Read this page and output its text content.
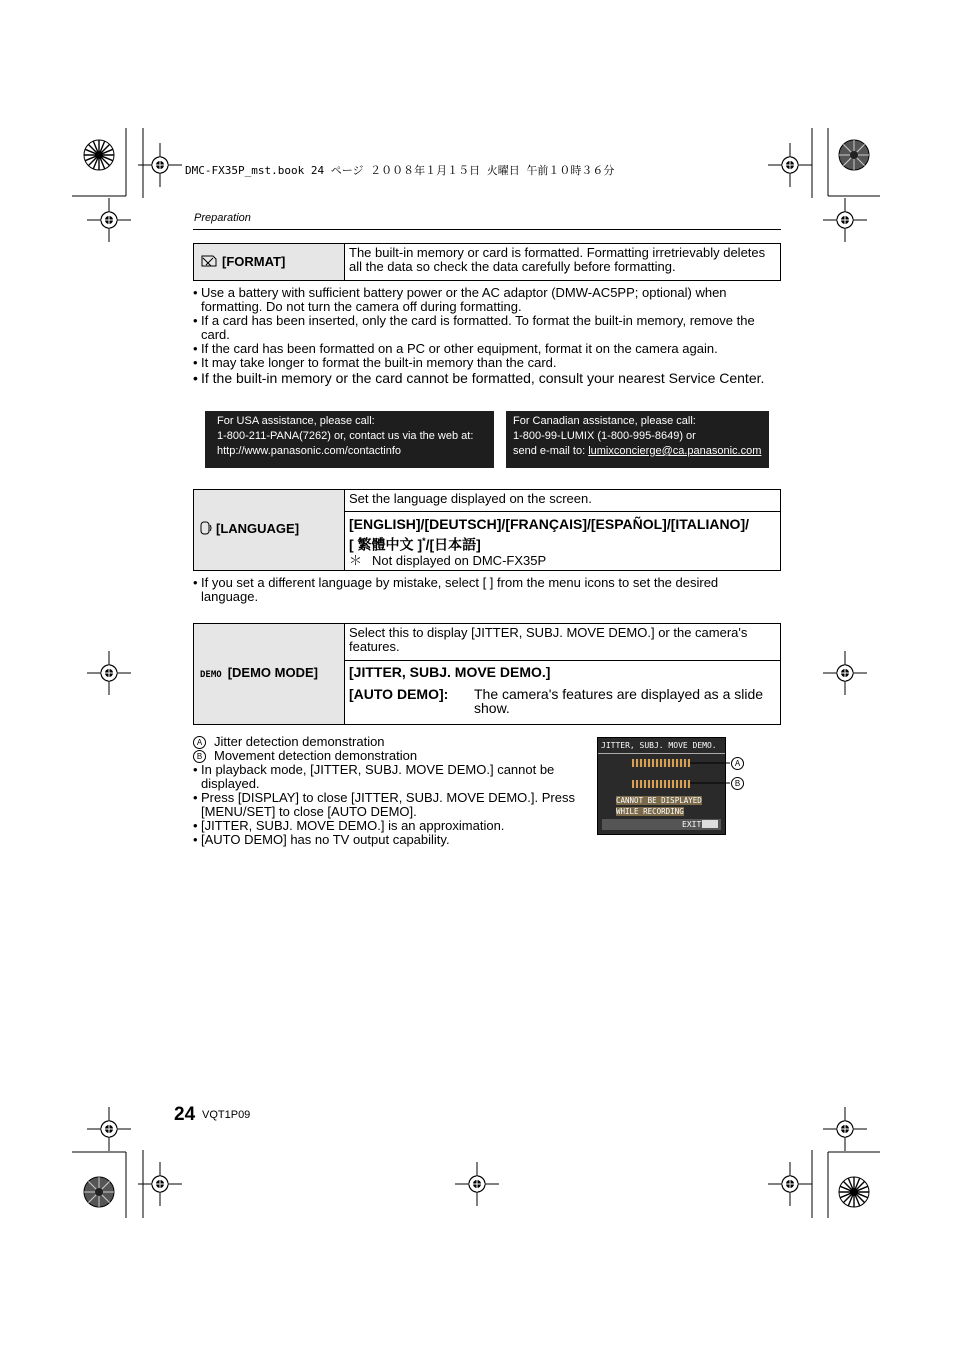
DMC-FX35P_mst.book 24 ページ ２００８年１月１５日 火曜日 午前１０時３６分
Preparation
[FORMAT]	The built-in memory or card is formatted. Formatting irretrievably deletes all the data so check the data carefully before formatting.
• Use a battery with sufficient battery power or the AC adaptor (DMW-AC5PP; optional) when formatting. Do not turn the camera off during formatting.
• If a card has been inserted, only the card is formatted. To format the built-in memory, remove the card.
• If the card has been formatted on a PC or other equipment, format it on the camera again.
• It may take longer to format the built-in memory than the card.
• If the built-in memory or the card cannot be formatted, consult your nearest Service Center.
For USA assistance, please call:
1-800-211-PANA(7262) or, contact us via the web at:
http://www.panasonic.com/contactinfo
For Canadian assistance, please call:
1-800-99-LUMIX (1-800-995-8649) or
send e-mail to: lumixconcierge@ca.panasonic.com
[LANGUAGE]	Set the language displayed on the screen.

[ENGLISH]/[DEUTSCH]/[FRANÇAIS]/[ESPAÑOL]/[ITALIANO]/
[ 繁體中文 ]*/[日本語]
＊ Not displayed on DMC-FX35P
• If you set a different language by mistake, select [ ] from the menu icons to set the desired language.
DEMO [DEMO MODE]	Select this to display [JITTER, SUBJ. MOVE DEMO.] or the camera's features.

[JITTER, SUBJ. MOVE DEMO.]
[AUTO DEMO]:	The camera's features are displayed as a slide show.
A Jitter detection demonstration
B Movement detection demonstration
• In playback mode, [JITTER, SUBJ. MOVE DEMO.] cannot be displayed.
• Press [DISPLAY] to close [JITTER, SUBJ. MOVE DEMO.]. Press [MENU/SET] to close [AUTO DEMO].
• [JITTER, SUBJ. MOVE DEMO.] is an approximation.
• [AUTO DEMO] has no TV output capability.
JITTER, SUBJ. MOVE DEMO.
CANNOT BE DISPLAYED
WHILE RECORDING
EXIT
A
B
24 VQT1P09
